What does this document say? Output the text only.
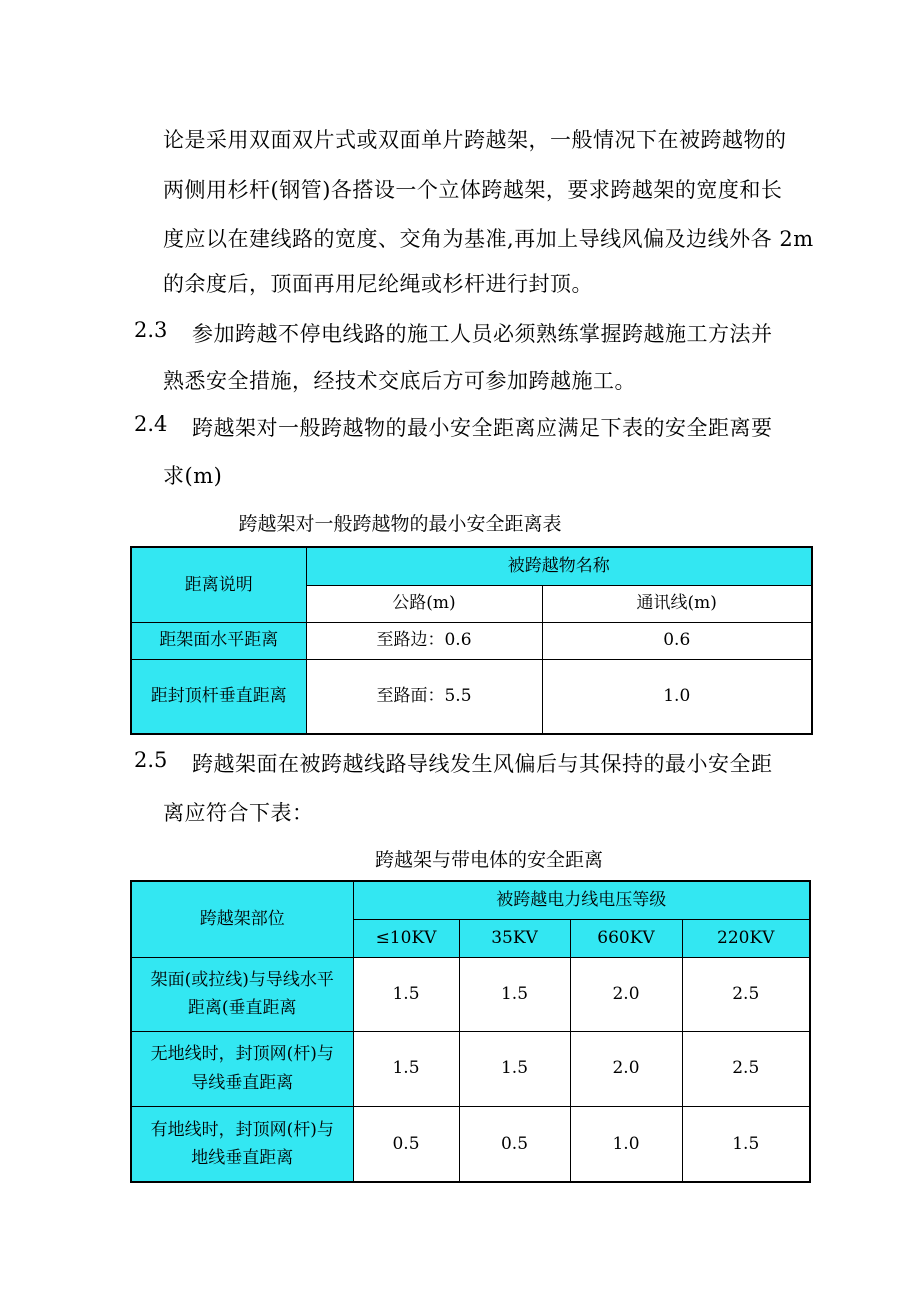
论是采用双面双片式或双面单片跨越架，一般情况下在被跨越物的
两侧用杉杆(钢管)各搭设一个立体跨越架，要求跨越架的宽度和长
度应以在建线路的宽度、交角为基准,再加上导线风偏及边线外各 2m
的余度后，顶面再用尼纶绳或杉杆进行封顶。
2.3 参加跨越不停电线路的施工人员必须熟练掌握跨越施工方法并
熟悉安全措施，经技术交底后方可参加跨越施工。
2.4 跨越架对一般跨越物的最小安全距离应满足下表的安全距离要
求(m)
跨越架对一般跨越物的最小安全距离表
距离说明	被跨越物名称	
	公路(m)	通讯线(m)
距架面水平距离	至路边：0.6	0.6
距封顶杆垂直距离	至路面：5.5	1.0
2.5 跨越架面在被跨越线路导线发生风偏后与其保持的最小安全距
离应符合下表：
跨越架与带电体的安全距离
跨越架部位	被跨越电力线电压等级			
	≤10KV	35KV	660KV	220KV
架面(或拉线)与导线水平
距离(垂直距离	1.5	1.5	2.0	2.5
无地线时，封顶网(杆)与
导线垂直距离	1.5	1.5	2.0	2.5
有地线时，封顶网(杆)与
地线垂直距离	0.5	0.5	1.0	1.5
